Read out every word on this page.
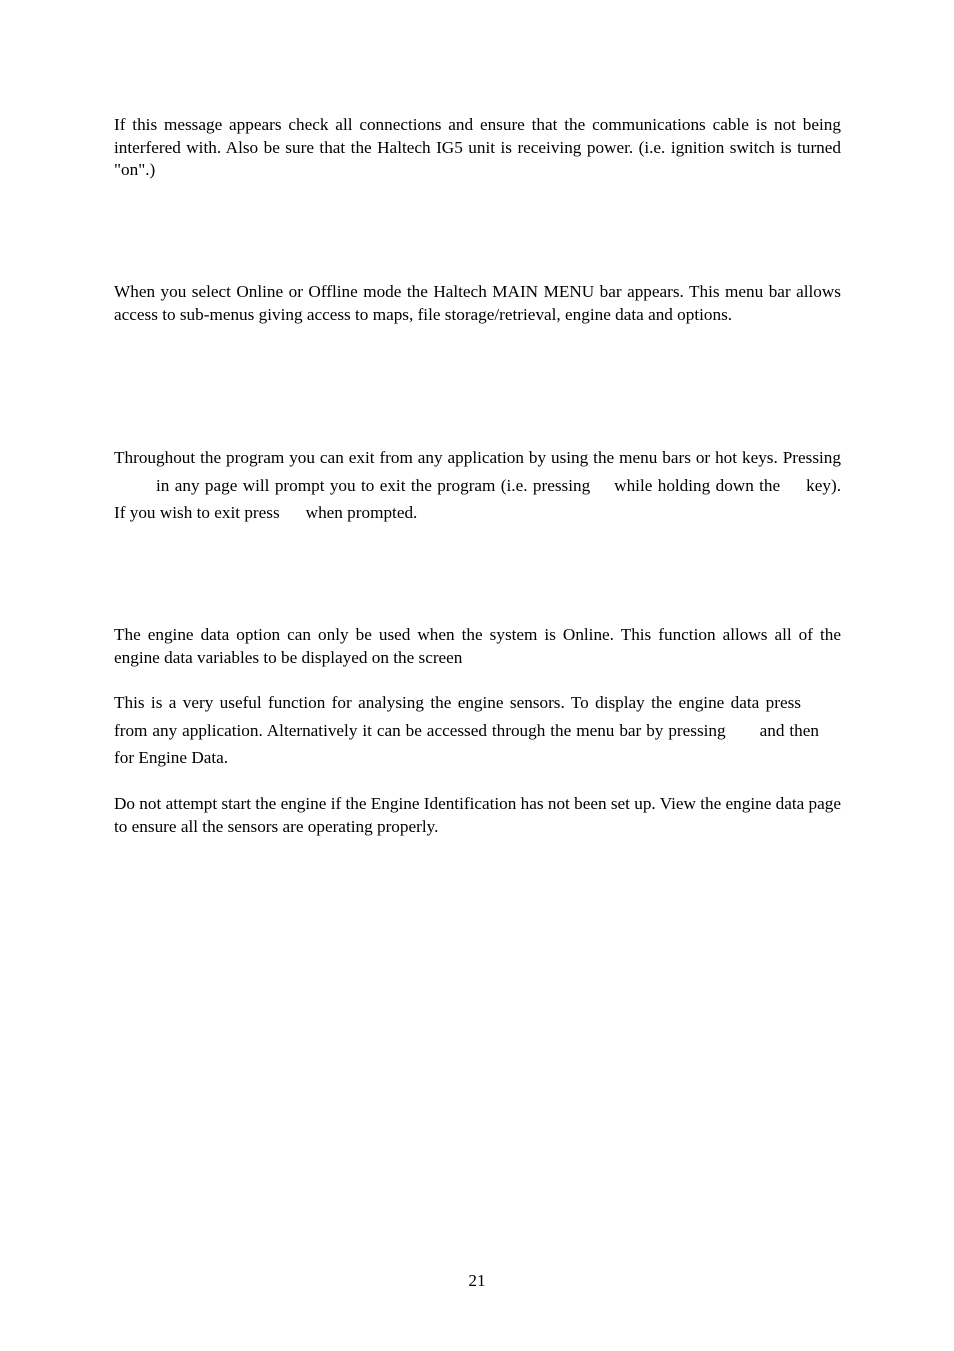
If this message appears check all connections and ensure that the communications cable is not being interfered with. Also be sure that the Haltech IG5 unit is receiving power. (i.e. ignition switch is turned "on".)

When you select Online or Offline mode the Haltech MAIN MENU bar appears. This menu bar allows access to sub-menus giving access to maps, file storage/retrieval, engine data and options.

Throughout the program you can exit from any application by using the menu bars or hot keys. Pressingin any page will prompt you to exit the program (i.e. pressing while holding down the key). If you wish to exit press when prompted.

The engine data option can only be used when the system is Online. This function allows all of the engine data variables to be displayed on the screen

This is a very useful function for analysing the engine sensors. To display the engine data pressfrom any application. Alternatively it can be accessed through the menu bar by pressing and thenfor Engine Data.

Do not attempt start the engine if the Engine Identification has not been set up. View the engine data page to ensure all the sensors are operating properly.

21
